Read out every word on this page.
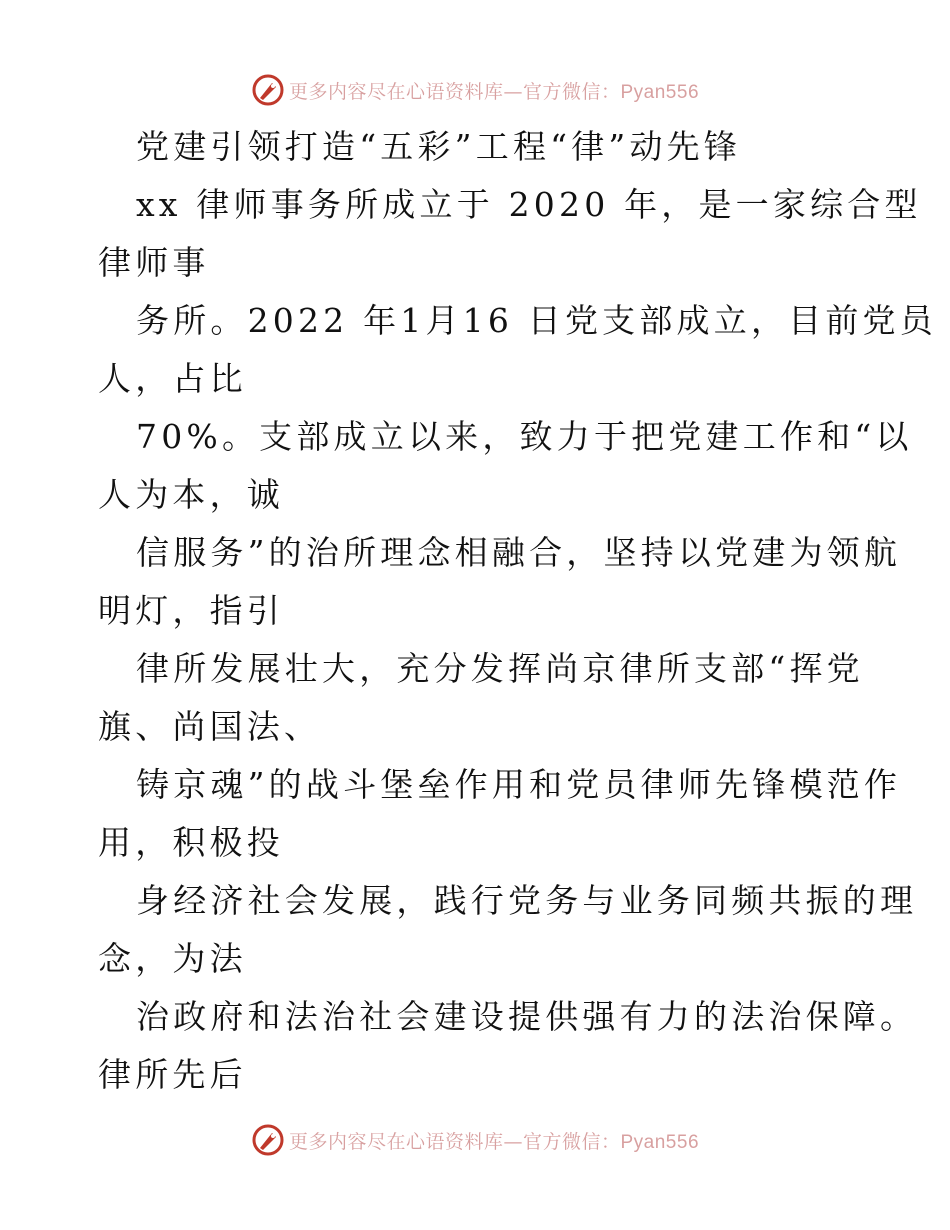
更多内容尽在心语资料库—官方微信：Pyan556
党建引领打造“五彩”工程“律”动先锋
xx 律师事务所成立于 2020 年，是一家综合型
律师事
务所。2022 年1月16 日党支部成立，目前党员
人，占比
70%。支部成立以来，致力于把党建工作和“以
人为本，诚
信服务”的治所理念相融合，坚持以党建为领航
明灯，指引
律所发展壮大，充分发挥尚京律所支部“挥党
旗、尚国法、
铸京魂”的战斗堡垒作用和党员律师先锋模范作
用，积极投
身经济社会发展，践行党务与业务同频共振的理
念，为法
治政府和法治社会建设提供强有力的法治保障。
律所先后
更多内容尽在心语资料库—官方微信：Pyan556
